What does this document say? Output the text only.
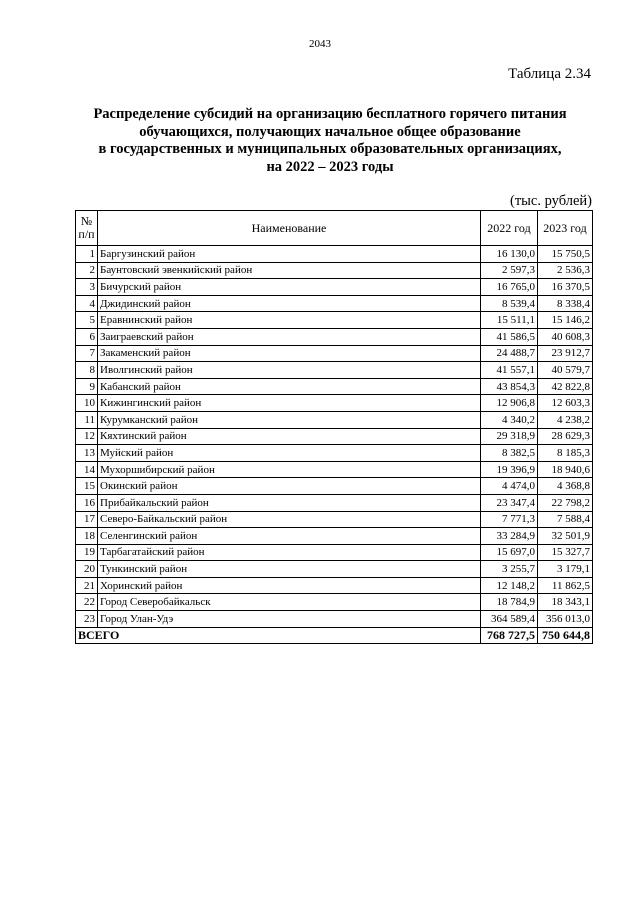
2043
Таблица 2.34
Распределение субсидий на организацию бесплатного горячего питания
обучающихся, получающих начальное общее образование
в государственных и муниципальных образовательных организациях,
на 2022 – 2023 годы
(тыс. рублей)
№
п/п	Наименование	2022 год	2023 год
1	Баргузинский район	16 130,0	15 750,5
2	Баунтовский эвенкийский район	2 597,3	2 536,3
3	Бичурский район	16 765,0	16 370,5
4	Джидинский район	8 539,4	8 338,4
5	Еравнинский район	15 511,1	15 146,2
6	Заиграевский район	41 586,5	40 608,3
7	Закаменский район	24 488,7	23 912,7
8	Иволгинский район	41 557,1	40 579,7
9	Кабанский район	43 854,3	42 822,8
10	Кижингинский район	12 906,8	12 603,3
11	Курумканский район	4 340,2	4 238,2
12	Кяхтинский район	29 318,9	28 629,3
13	Муйский район	8 382,5	8 185,3
14	Мухоршибирский район	19 396,9	18 940,6
15	Окинский район	4 474,0	4 368,8
16	Прибайкальский район	23 347,4	22 798,2
17	Северо-Байкальский район	7 771,3	7 588,4
18	Селенгинский район	33 284,9	32 501,9
19	Тарбагатайский район	15 697,0	15 327,7
20	Тункинский район	3 255,7	3 179,1
21	Хоринский район	12 148,2	11 862,5
22	Город Северобайкальск	18 784,9	18 343,1
23	Город Улан-Удэ	364 589,4	356 013,0
ВСЕГО		768 727,5	750 644,8
